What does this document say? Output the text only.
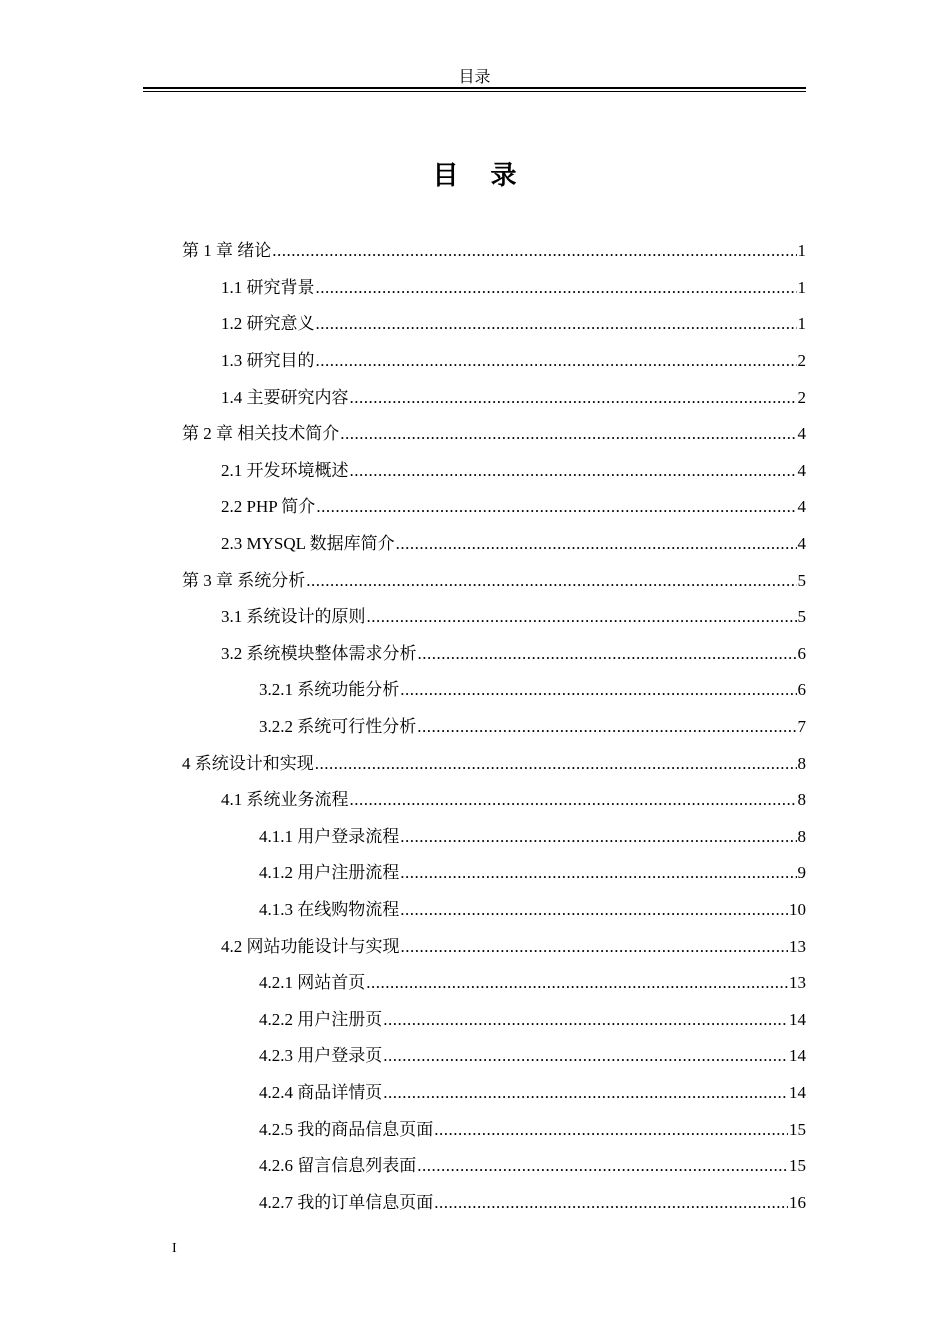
目录
目录
第 1 章 绪论 .....	1
1.1 研究背景 .....	1
1.2 研究意义 .....	1
1.3 研究目的 .....	2
1.4 主要研究内容 .....	2
第 2 章 相关技术简介 .....	4
2.1 开发环境概述 .....	4
2.2 PHP 简介 .....	4
2.3 MYSQL 数据库简介 .....	4
第 3 章 系统分析 .....	5
3.1 系统设计的原则 .....	5
3.2 系统模块整体需求分析 .....	6
3.2.1 系统功能分析 .....	6
3.2.2 系统可行性分析 .....	7
4 系统设计和实现 .....	8
4.1 系统业务流程 .....	8
4.1.1 用户登录流程 .....	8
4.1.2 用户注册流程 .....	9
4.1.3 在线购物流程 .....	10
4.2 网站功能设计与实现 .....	13
4.2.1 网站首页 .....	13
4.2.2 用户注册页 .....	14
4.2.3 用户登录页 .....	14
4.2.4 商品详情页 .....	14
4.2.5 我的商品信息页面 .....	15
4.2.6 留言信息列表面 .....	15
4.2.7 我的订单信息页面 .....	16
I
